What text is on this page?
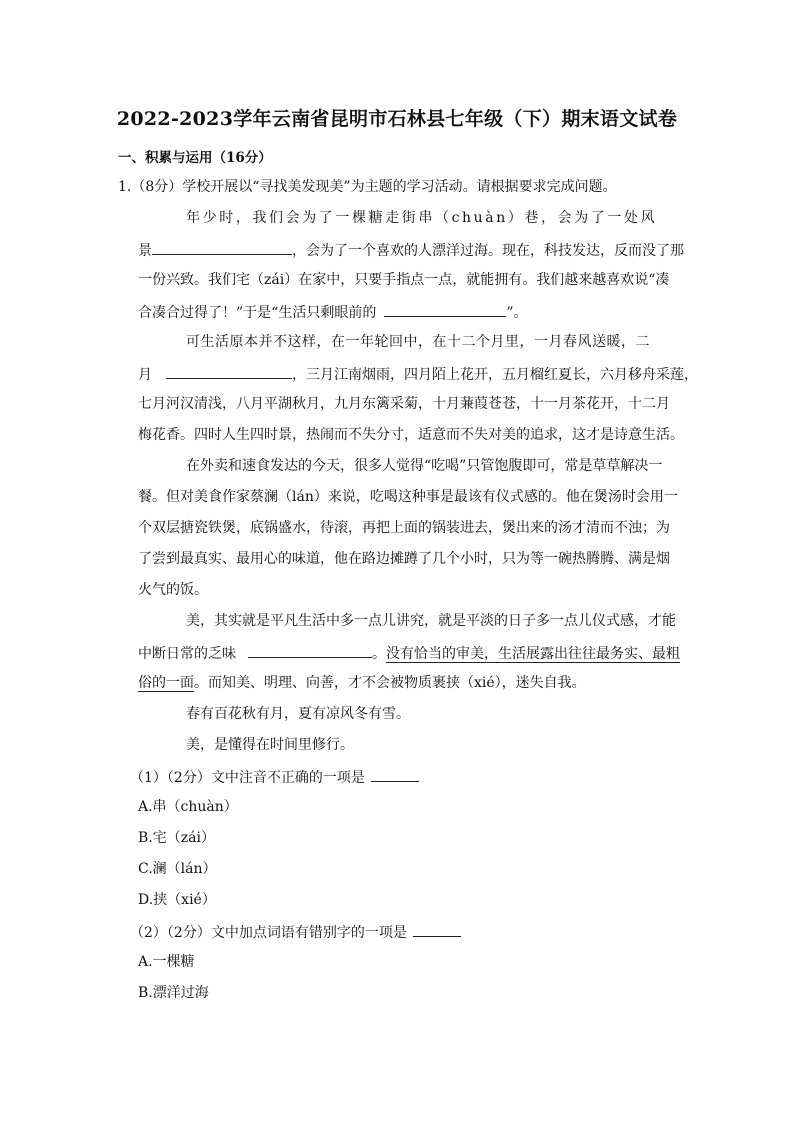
2022-2023学年云南省昆明市石林县七年级（下）期末语文试卷
一、积累与运用（16分）
1.（8分）学校开展以“寻找美发现美”为主题的学习活动。请根据要求完成问题。
年少时，我们会为了一棵糖走街串（chuàn）巷，会为了一处风
景	，会为了一个喜欢的人漂洋过海。现在，科技发达，反而没了那
一份兴致。我们宅（zái）在家中，只要手指点一点，就能拥有。我们越来越喜欢说“凑
合凑合过得了！”于是“生活只剩眼前的	”。
可生活原本并不这样，在一年轮回中，在十二个月里，一月春风送暖，二
月	，三月江南烟雨，四月陌上花开，五月榴红夏长，六月移舟采莲，
七月河汉清浅，八月平湖秋月，九月东篱采菊，十月蒹葭苍苍，十一月茶花开，十二月
梅花香。四时人生四时景，热闹而不失分寸，适意而不失对美的追求，这才是诗意生活。
在外卖和速食发达的今天，很多人觉得“吃喝”只管饱腹即可，常是草草解决一
餐。但对美食作家蔡澜（lán）来说，吃喝这种事是最该有仪式感的。他在煲汤时会用一
个双层搪瓷铁煲，底锅盛水，待滚，再把上面的锅装进去，煲出来的汤才清而不浊；为
了尝到最真实、最用心的味道，他在路边摊蹲了几个小时，只为等一碗热腾腾、满是烟
火气的饭。
美，其实就是平凡生活中多一点儿讲究，就是平淡的日子多一点儿仪式感，才能
中断日常的乏味	。没有恰当的审美，生活展露出往往最务实、最粗
俗的一面。而知美、明理、向善，才不会被物质裹挟（xié），迷失自我。
春有百花秋有月，夏有凉风冬有雪。
美，是懂得在时间里修行。
（1）（2分）文中注音不正确的一项是
A.串（chuàn）
B.宅（zái）
C.澜（lán）
D.挟（xié）
（2）（2分）文中加点词语有错别字的一项是
A.一棵糖
B.漂洋过海
